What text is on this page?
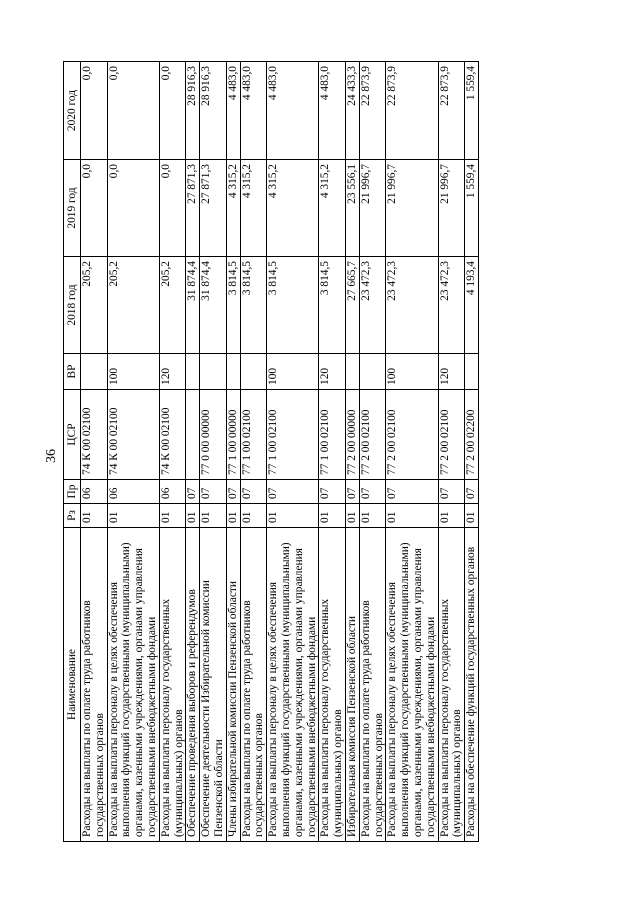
36
Наименование	Рз	Пр	ЦСР	ВР	2018 год	2019 год	2020 год
Расходы на выплаты по оплате труда работников государственных органов	01	06	74 К 00 02100		205,2	0,0	0,0
Расходы на выплаты персоналу в целях обеспечения выполнения функций государственными (муниципальными) органами, казенными учреждениями, органами управления государственными внебюджетными фондами	01	06	74 К 00 02100	100	205,2	0,0	0,0
Расходы на выплаты персоналу государственных (муниципальных) органов	01	06	74 К 00 02100	120	205,2	0,0	0,0
Обеспечение проведения выборов и референдумов	01	07			31 874,4	27 871,3	28 916,3
Обеспечение деятельности Избирательной комиссии Пензенской области	01	07	77 0 00 00000		31 874,4	27 871,3	28 916,3
Члены избирательной комиссии Пензенской области	01	07	77 1 00 00000		3 814,5	4 315,2	4 483,0
Расходы на выплаты по оплате труда работников государственных органов	01	07	77 1 00 02100		3 814,5	4 315,2	4 483,0
Расходы на выплаты персоналу в целях обеспечения выполнения функций государственными (муниципальными) органами, казенными учреждениями, органами управления государственными внебюджетными фондами	01	07	77 1 00 02100	100	3 814,5	4 315,2	4 483,0
Расходы на выплаты персоналу государственных (муниципальных) органов	01	07	77 1 00 02100	120	3 814,5	4 315,2	4 483,0
Избирательная комиссия Пензенской области	01	07	77 2 00 00000		27 665,7	23 556,1	24 433,3
Расходы на выплаты по оплате труда работников государственных органов	01	07	77 2 00 02100		23 472,3	21 996,7	22 873,9
Расходы на выплаты персоналу в целях обеспечения выполнения функций государственными (муниципальными) органами, казенными учреждениями, органами управления государственными внебюджетными фондами	01	07	77 2 00 02100	100	23 472,3	21 996,7	22 873,9
Расходы на выплаты персоналу государственных (муниципальных) органов	01	07	77 2 00 02100	120	23 472,3	21 996,7	22 873,9
Расходы на обеспечение функций государственных органов	01	07	77 2 00 02200		4 193,4	1 559,4	1 559,4
